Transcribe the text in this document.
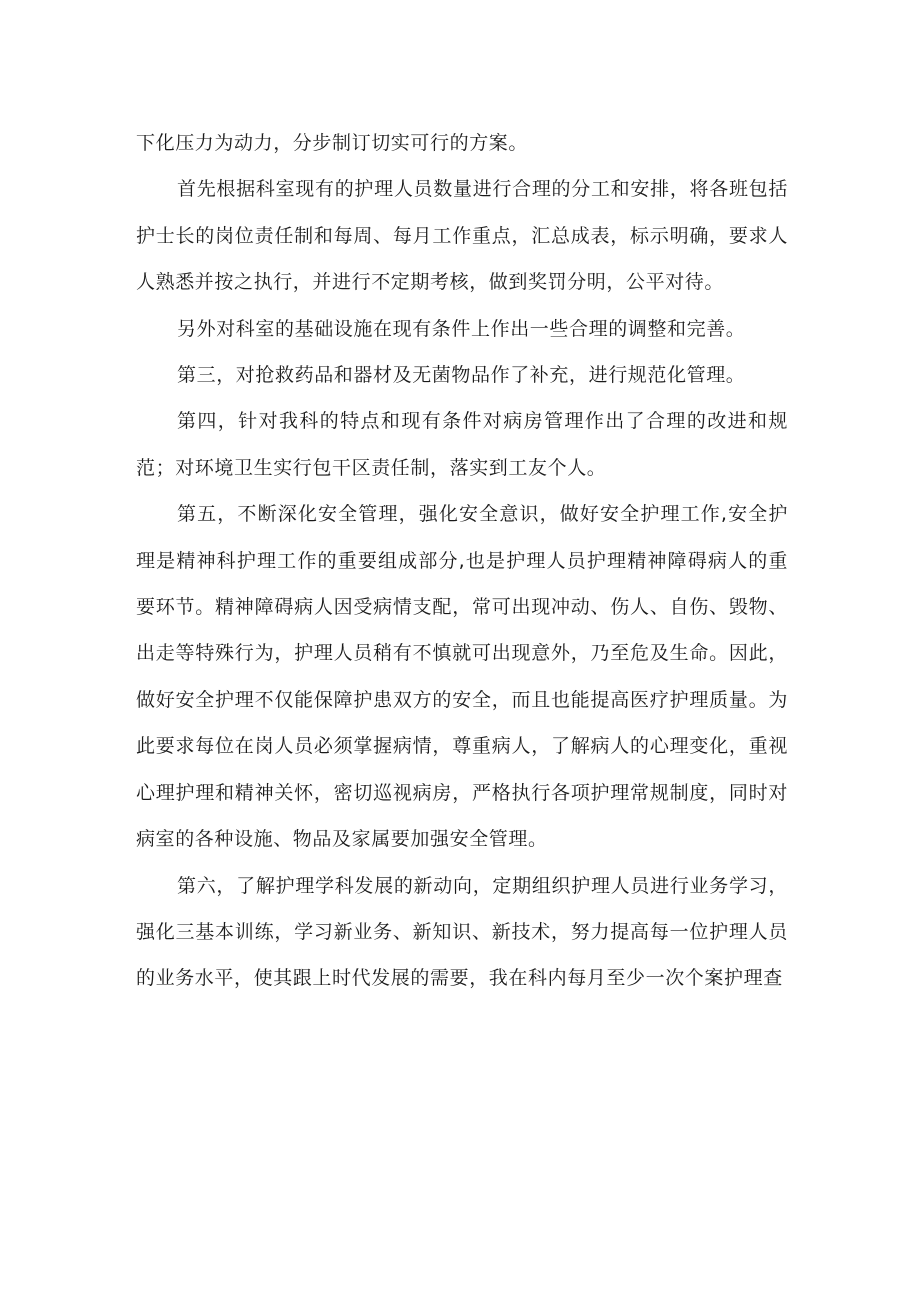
下化压力为动力，分步制订切实可行的方案。

首先根据科室现有的护理人员数量进行合理的分工和安排，将各班包括护士长的岗位责任制和每周、每月工作重点，汇总成表，标示明确，要求人人熟悉并按之执行，并进行不定期考核，做到奖罚分明，公平对待。

另外对科室的基础设施在现有条件上作出一些合理的调整和完善。

第三，对抢救药品和器材及无菌物品作了补充，进行规范化管理。

第四，针对我科的特点和现有条件对病房管理作出了合理的改进和规范；对环境卫生实行包干区责任制，落实到工友个人。

第五，不断深化安全管理，强化安全意识，做好安全护理工作,安全护理是精神科护理工作的重要组成部分,也是护理人员护理精神障碍病人的重要环节。精神障碍病人因受病情支配，常可出现冲动、伤人、自伤、毁物、出走等特殊行为，护理人员稍有不慎就可出现意外，乃至危及生命。因此，做好安全护理不仅能保障护患双方的安全，而且也能提高医疗护理质量。为此要求每位在岗人员必须掌握病情，尊重病人，了解病人的心理变化，重视心理护理和精神关怀，密切巡视病房，严格执行各项护理常规制度，同时对病室的各种设施、物品及家属要加强安全管理。

第六，了解护理学科发展的新动向，定期组织护理人员进行业务学习，强化三基本训练，学习新业务、新知识、新技术，努力提高每一位护理人员的业务水平，使其跟上时代发展的需要，我在科内每月至少一次个案护理查
